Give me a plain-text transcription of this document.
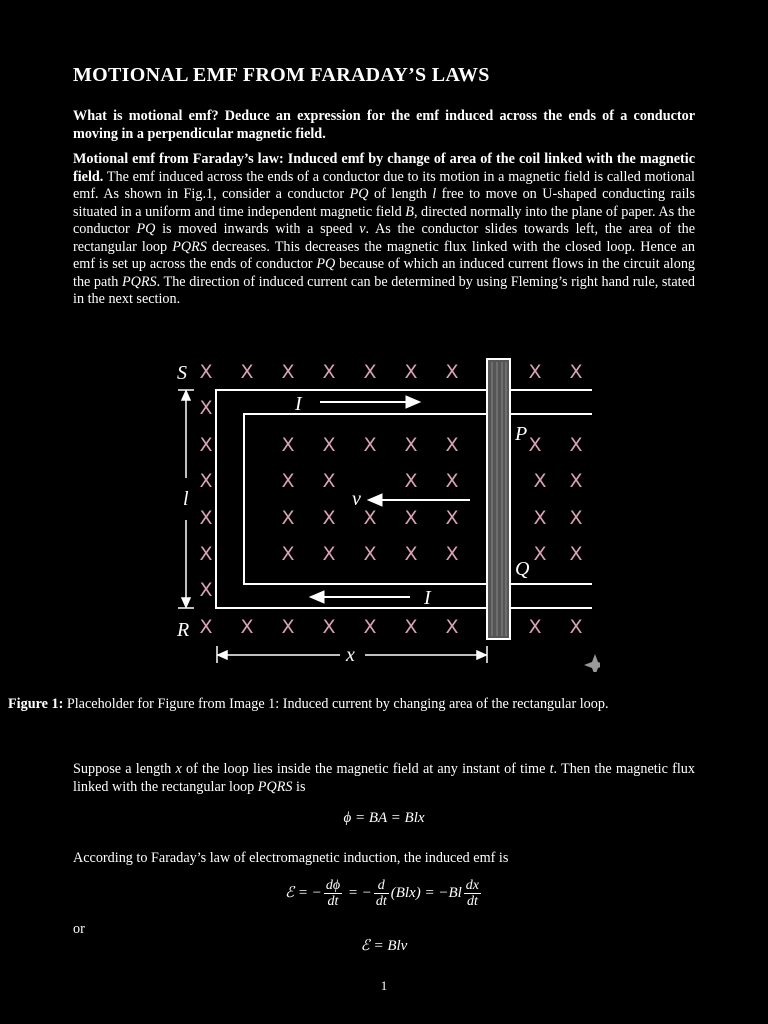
MOTIONAL EMF FROM FARADAY’S LAWS

What is motional emf? Deduce an expression for the emf induced across the ends of a conductor moving in a perpendicular magnetic field.

Motional emf from Faraday’s law: Induced emf by change of area of the coil linked with the magnetic field. The emf induced across the ends of a conductor due to its motion in a magnetic field is called motional emf. As shown in Fig.1, consider a conductor PQ of length l free to move on U-shaped conducting rails situated in a uniform and time independent magnetic field B, directed normally into the plane of paper. As the conductor PQ is moved inwards with a speed v. As the conductor slides towards left, the area of the rectangular loop PQRS decreases. This decreases the magnetic flux linked with the closed loop. Hence an emf is set up across the ends of conductor PQ because of which an induced current flows in the circuit along the path PQRS. The direction of induced current can be determined by using Fleming’s right hand rule, stated in the next section.

X X X X X X X	X X
X X X X X X X	X X
X
X
X
X
X
X
X X X X X
X X	X X
X X X X X
X X X X X
X X
X X
X X
X X
S
R
P
Q
l
x
v
I
I

Figure 1: Placeholder for Figure from Image 1: Induced current by changing area of the rectangular loop.

Suppose a length x of the loop lies inside the magnetic field at any instant of time t. Then the magnetic flux linked with the rectangular loop PQRS is

ϕ = BA = Blx

According to Faraday’s law of electromagnetic induction, the induced emf is

ℰ = − $\frac{d\phi}{dt}$ = − $\frac{d}{dt} (Blx) = -Bl \frac{dx}{dt}$

or

ℰ = Blv
1
